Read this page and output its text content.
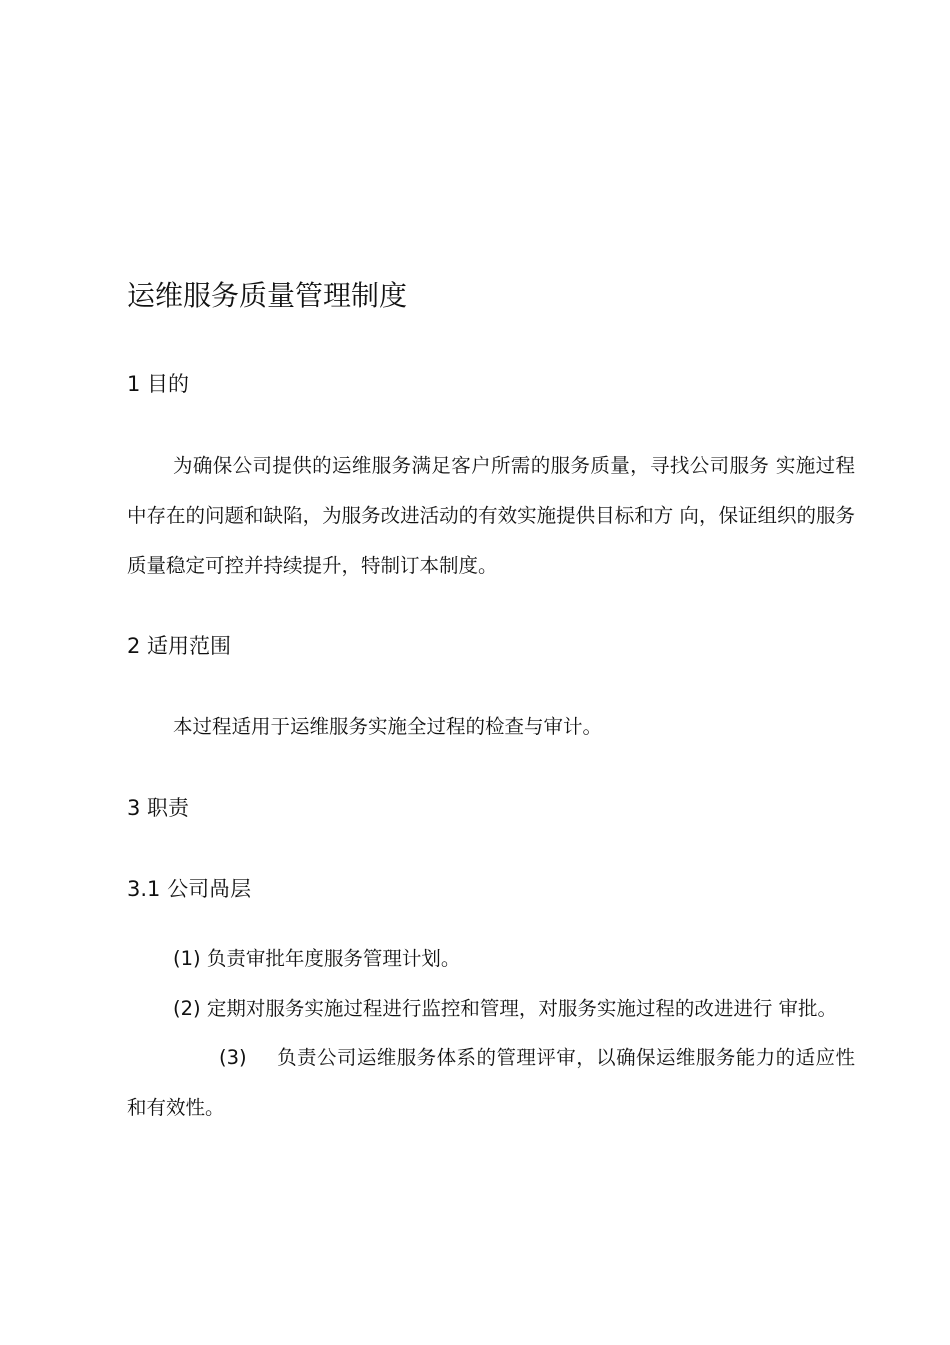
运维服务质量管理制度
1 目的
为确保公司提供的运维服务满足客户所需的服务质量，寻找公司服务 实施过程中存在的问题和缺陷，为服务改进活动的有效实施提供目标和方 向，保证组织的服务质量稳定可控并持续提升，特制订本制度。
2 适用范围
本过程适用于运维服务实施全过程的检查与审计。
3 职责
3.1 公司咼层
(1) 负责审批年度服务管理计划。
(2) 定期对服务实施过程进行监控和管理，对服务实施过程的改进进行 审批。
(3) 负责公司运维服务体系的管理评审，以确保运维服务能力的适应性 和有效性。
